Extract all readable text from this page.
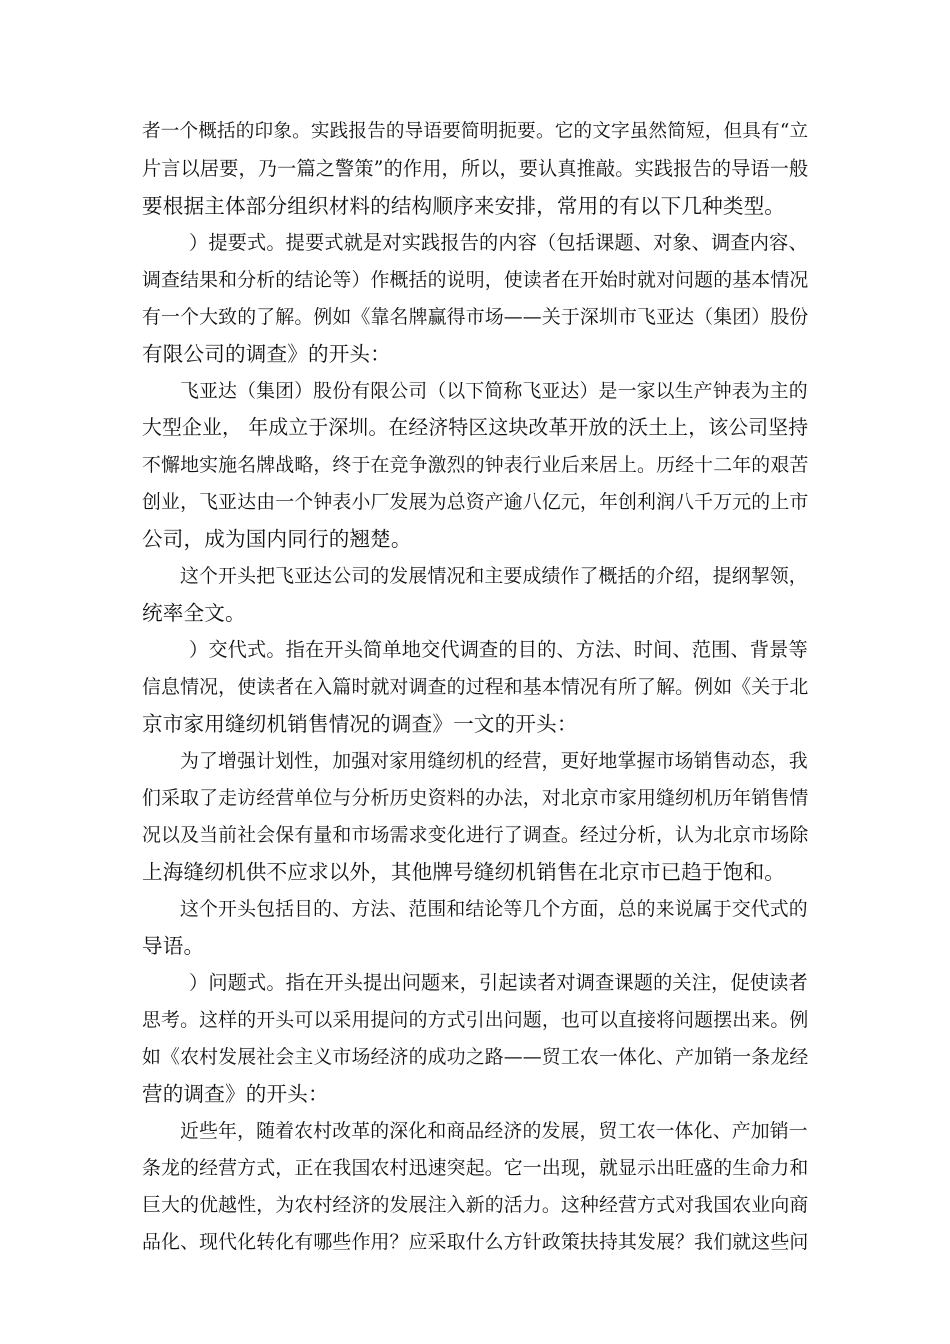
者一个概括的印象。实践报告的导语要简明扼要。它的文字虽然简短，但具有“立
片言以居要，乃一篇之警策”的作用，所以，要认真推敲。实践报告的导语一般
要根据主体部分组织材料的结构顺序来安排，常用的有以下几种类型。
）提要式。提要式就是对实践报告的内容（包括课题、对象、调查内容、
调查结果和分析的结论等）作概括的说明，使读者在开始时就对问题的基本情况
有一个大致的了解。例如《靠名牌赢得市场——关于深圳市飞亚达（集团）股份
有限公司的调查》的开头：
飞亚达（集团）股份有限公司（以下简称飞亚达）是一家以生产钟表为主的
大型企业， 年成立于深圳。在经济特区这块改革开放的沃土上，该公司坚持
不懈地实施名牌战略，终于在竞争激烈的钟表行业后来居上。历经十二年的艰苦
创业，飞亚达由一个钟表小厂发展为总资产逾八亿元，年创利润八千万元的上市
公司，成为国内同行的翘楚。
这个开头把飞亚达公司的发展情况和主要成绩作了概括的介绍，提纲挈领，
统率全文。
）交代式。指在开头简单地交代调查的目的、方法、时间、范围、背景等
信息情况，使读者在入篇时就对调查的过程和基本情况有所了解。例如《关于北
京市家用缝纫机销售情况的调查》一文的开头：
为了增强计划性，加强对家用缝纫机的经营，更好地掌握市场销售动态，我
们采取了走访经营单位与分析历史资料的办法，对北京市家用缝纫机历年销售情
况以及当前社会保有量和市场需求变化进行了调查。经过分析，认为北京市场除
上海缝纫机供不应求以外，其他牌号缝纫机销售在北京市已趋于饱和。
这个开头包括目的、方法、范围和结论等几个方面，总的来说属于交代式的
导语。
）问题式。指在开头提出问题来，引起读者对调查课题的关注，促使读者
思考。这样的开头可以采用提问的方式引出问题，也可以直接将问题摆出来。例
如《农村发展社会主义市场经济的成功之路——贸工农一体化、产加销一条龙经
营的调查》的开头：
近些年，随着农村改革的深化和商品经济的发展，贸工农一体化、产加销一
条龙的经营方式，正在我国农村迅速突起。它一出现，就显示出旺盛的生命力和
巨大的优越性，为农村经济的发展注入新的活力。这种经营方式对我国农业向商
品化、现代化转化有哪些作用？应采取什么方针政策扶持其发展？我们就这些问
